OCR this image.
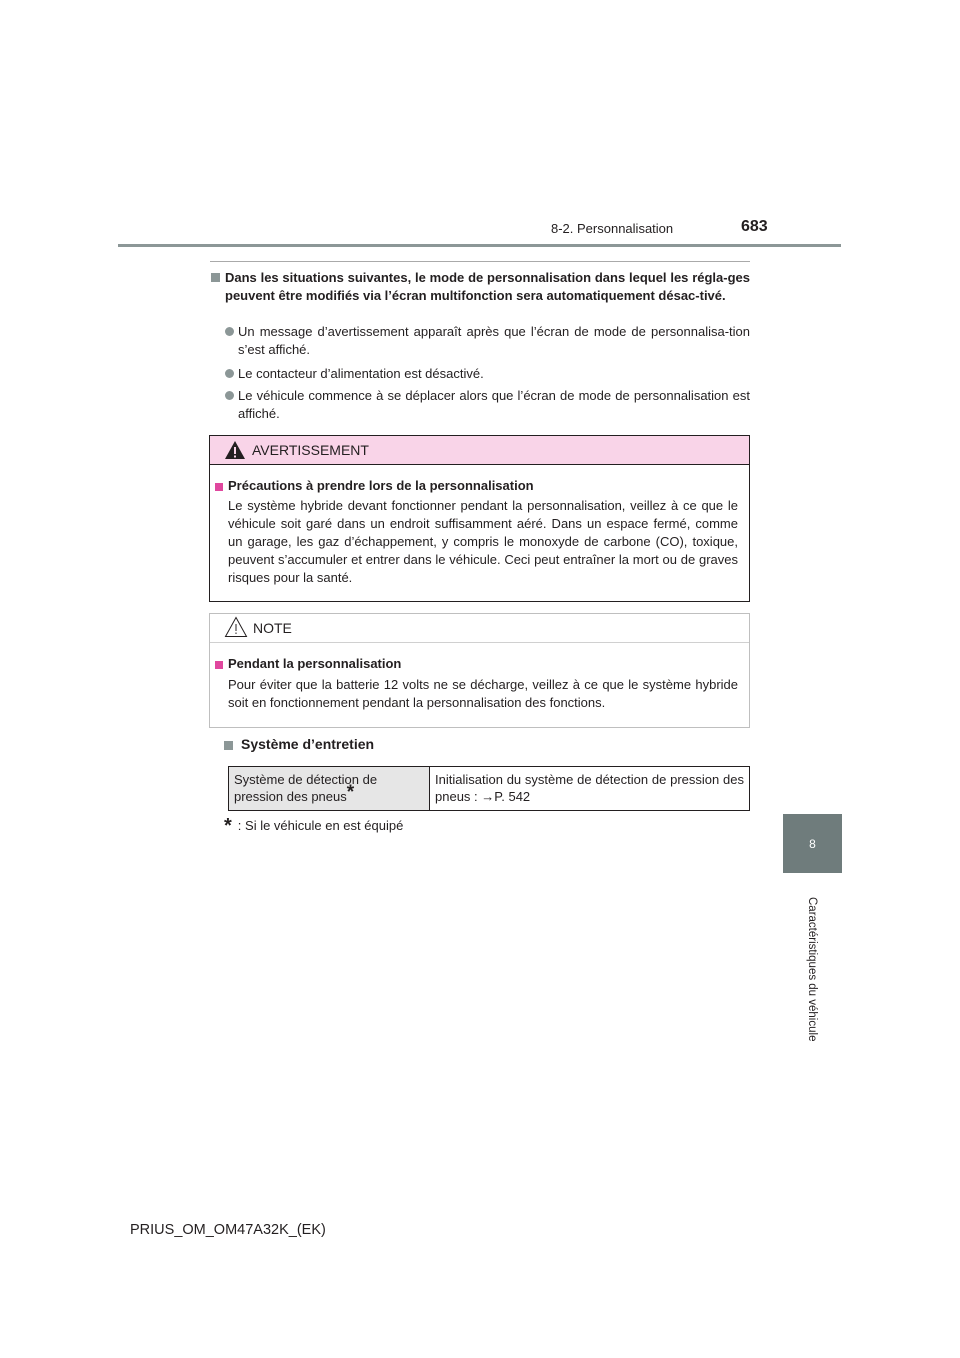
8-2. Personnalisation	683
8
Caractéristiques du véhicule
Dans les situations suivantes, le mode de personnalisation dans lequel les régla-ges peuvent être modifiés via l’écran multifonction sera automatiquement désac-tivé.
Un message d’avertissement apparaît après que l’écran de mode de personnalisa-tion s’est affiché.
Le contacteur d’alimentation est désactivé.
Le véhicule commence à se déplacer alors que l’écran de mode de personnalisation est affiché.
AVERTISSEMENT
Précautions à prendre lors de la personnalisation
Le système hybride devant fonctionner pendant la personnalisation, veillez à ce que le véhicule soit garé dans un endroit suffisamment aéré. Dans un espace fermé, comme un garage, les gaz d’échappement, y compris le monoxyde de carbone (CO), toxique, peuvent s’accumuler et entrer dans le véhicule. Ceci peut entraîner la mort ou de graves risques pour la santé.
NOTE
Pendant la personnalisation
Pour éviter que la batterie 12 volts ne se décharge, veillez à ce que le système hybride soit en fonctionnement pendant la personnalisation des fonctions.
Système d’entretien
Système de détection de pression des pneus*	Initialisation du système de détection de pression des pneus : →P. 542
* : Si le véhicule en est équipé
PRIUS_OM_OM47A32K_(EK)
